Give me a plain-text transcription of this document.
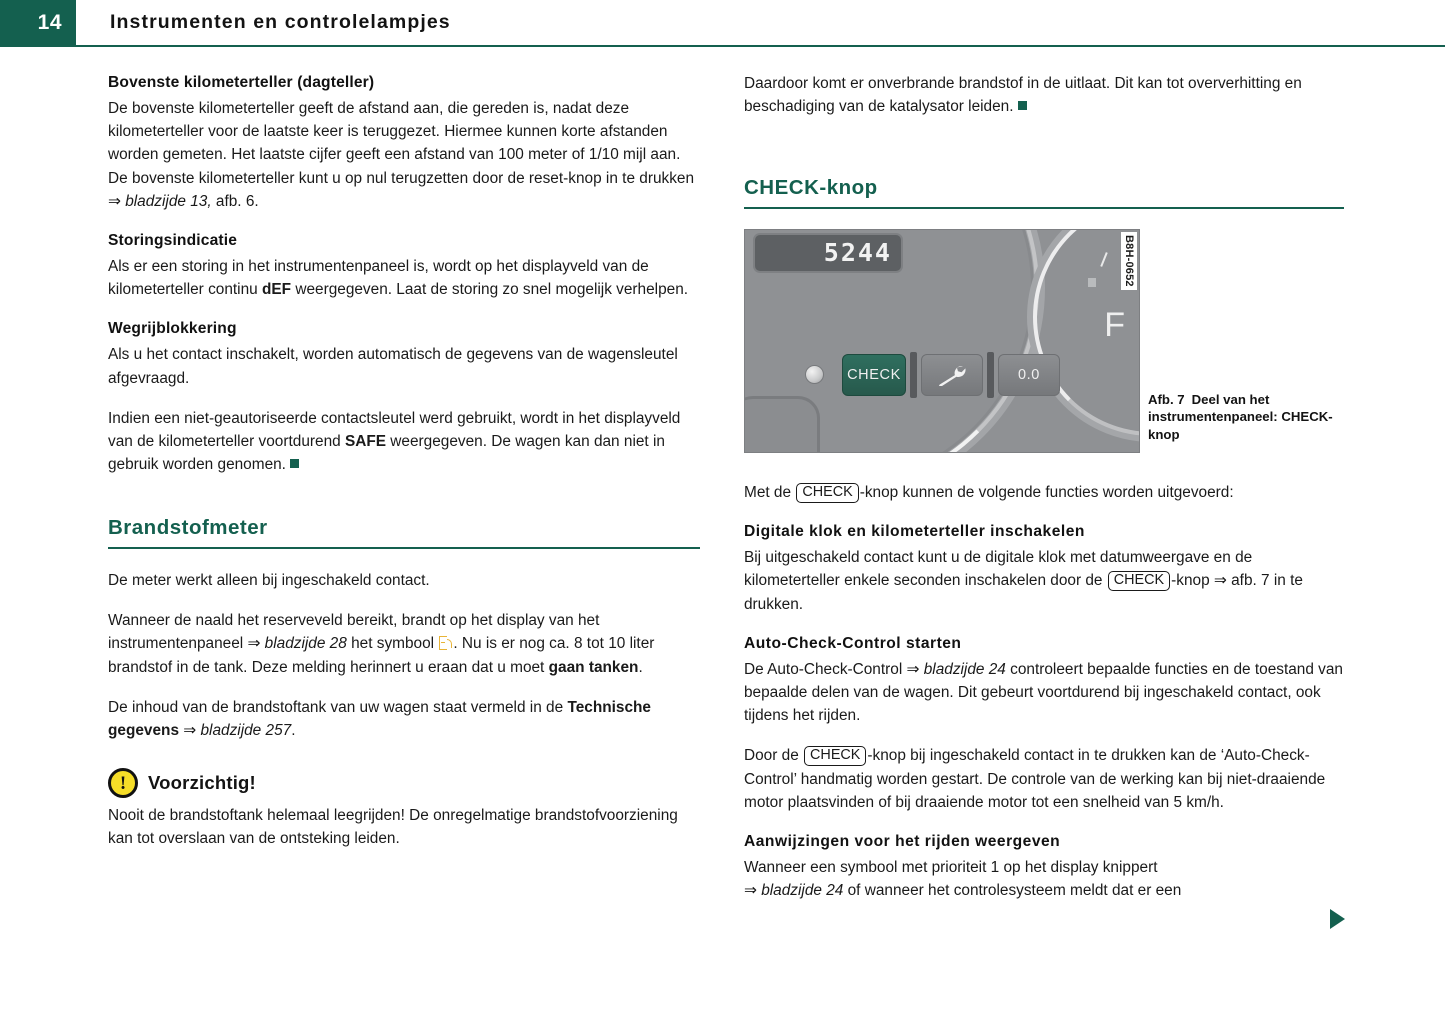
14 Instrumenten en controlelampjes
Bovenste kilometerteller (dagteller)

De bovenste kilometerteller geeft de afstand aan, die gereden is, nadat deze kilometerteller voor de laatste keer is teruggezet. Hiermee kunnen korte afstanden worden gemeten. Het laatste cijfer geeft een afstand van 100 meter of 1/10 mijl aan. De bovenste kilometerteller kunt u op nul terugzetten door de reset-knop in te drukken ⇒ bladzijde 13, afb. 6.

Storingsindicatie

Als er een storing in het instrumentenpaneel is, wordt op het displayveld van de kilometerteller continu dEF weergegeven. Laat de storing zo snel mogelijk verhelpen.

Wegrijblokkering

Als u het contact inschakelt, worden automatisch de gegevens van de wagensleutel afgevraagd.

Indien een niet-geautoriseerde contactsleutel werd gebruikt, wordt in het displayveld van de kilometerteller voortdurend SAFE weergegeven. De wagen kan dan niet in gebruik worden genomen.

Brandstofmeter

De meter werkt alleen bij ingeschakeld contact.

Wanneer de naald het reserveveld bereikt, brandt op het display van het instrumentenpaneel ⇒ bladzijde 28 het symbool
. Nu is er nog ca. 8 tot 10 liter brandstof in de tank. Deze melding herinnert u eraan dat u moet gaan tanken.

De inhoud van de brandstoftank van uw wagen staat vermeld in de Technische gegevens ⇒ bladzijde 257.

! Voorzichtig!

Nooit de brandstoftank helemaal leegrijden! De onregelmatige brandstofvoorziening kan tot overslaan van de ontsteking leiden.

Daardoor komt er onverbrande brandstof in de uitlaat. Dit kan tot oververhitting en beschadiging van de katalysator leiden.

CHECK-knop
5244
F
CHECK	0.0
B8H-0652
Afb. 7 Deel van het instrumentenpaneel: CHECK-knop

Met de CHECK -knop kunnen de volgende functies worden uitgevoerd:

Digitale klok en kilometerteller inschakelen

Bij uitgeschakeld contact kunt u de digitale klok met datumweergave en de kilometerteller enkele seconden inschakelen door de CHECK -knop ⇒ afb. 7 in te drukken.

Auto-Check-Control starten

De Auto-Check-Control ⇒ bladzijde 24 controleert bepaalde functies en de toestand van bepaalde delen van de wagen. Dit gebeurt voortdurend bij ingeschakeld contact, ook tijdens het rijden.

Door de CHECK -knop bij ingeschakeld contact in te drukken kan de ‘Auto-Check-Control’ handmatig worden gestart. De controle van de werking kan bij niet-draaiende motor plaatsvinden of bij draaiende motor tot een snelheid van 5 km/h.

Aanwijzingen voor het rijden weergeven

Wanneer een symbool met prioriteit 1 op het display knippert
⇒ bladzijde 24 of wanneer het controlesysteem meldt dat er een
